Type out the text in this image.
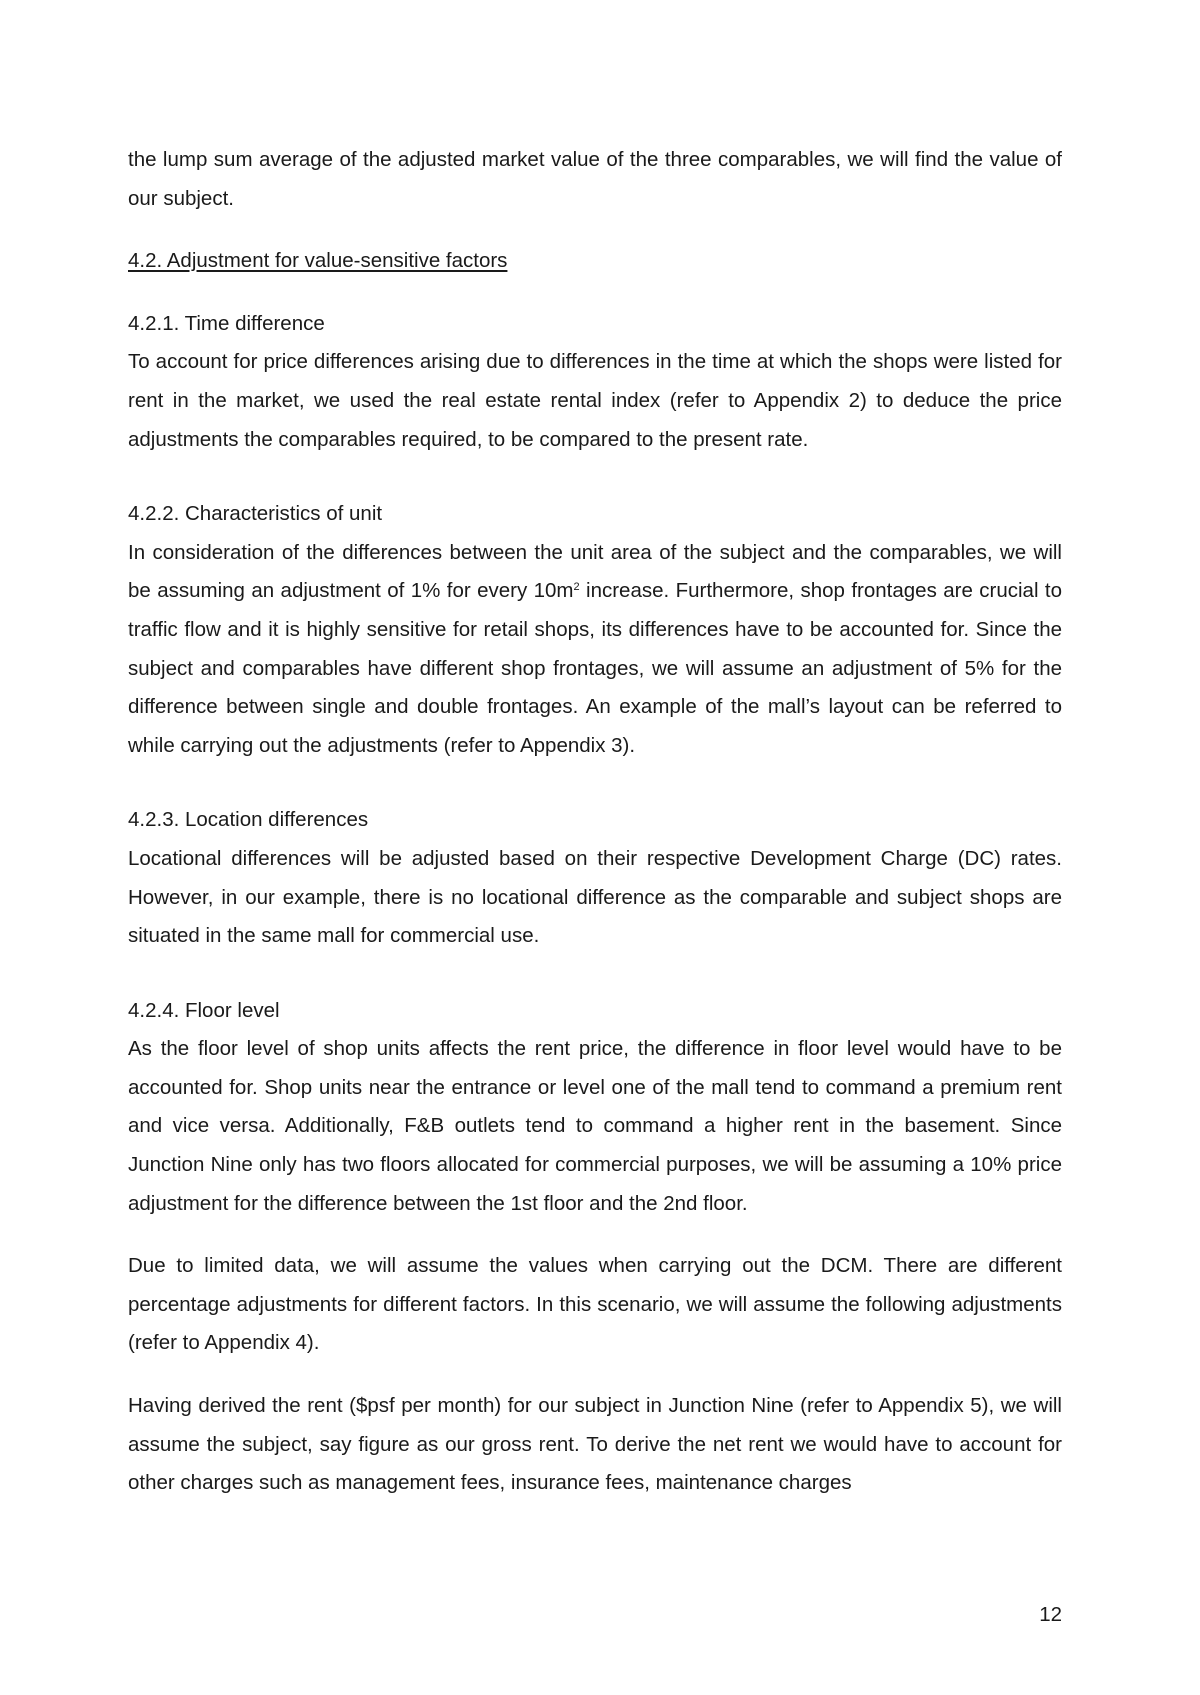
the lump sum average of the adjusted market value of the three comparables, we will find the value of our subject.

4.2. Adjustment for value-sensitive factors

4.2.1. Time difference

To account for price differences arising due to differences in the time at which the shops were listed for rent in the market, we used the real estate rental index (refer to Appendix 2) to deduce the price adjustments the comparables required, to be compared to the present rate.

4.2.2. Characteristics of unit

In consideration of the differences between the unit area of the subject and the comparables, we will be assuming an adjustment of 1% for every $10m^2$ increase. Furthermore, shop frontages are crucial to traffic flow and it is highly sensitive for retail shops, its differences have to be accounted for. Since the subject and comparables have different shop frontages, we will assume an adjustment of 5% for the difference between single and double frontages. An example of the mall’s layout can be referred to while carrying out the adjustments (refer to Appendix 3).

4.2.3. Location differences

Locational differences will be adjusted based on their respective Development Charge (DC) rates. However, in our example, there is no locational difference as the comparable and subject shops are situated in the same mall for commercial use.

4.2.4. Floor level

As the floor level of shop units affects the rent price, the difference in floor level would have to be accounted for. Shop units near the entrance or level one of the mall tend to command a premium rent and vice versa. Additionally, F&B outlets tend to command a higher rent in the basement. Since Junction Nine only has two floors allocated for commercial purposes, we will be assuming a 10% price adjustment for the difference between the 1st floor and the 2nd floor.

Due to limited data, we will assume the values when carrying out the DCM. There are different percentage adjustments for different factors. In this scenario, we will assume the following adjustments (refer to Appendix 4).

Having derived the rent ($psf per month) for our subject in Junction Nine (refer to Appendix 5), we will assume the subject, say figure as our gross rent. To derive the net rent we would have to account for other charges such as management fees, insurance fees, maintenance charges

12
